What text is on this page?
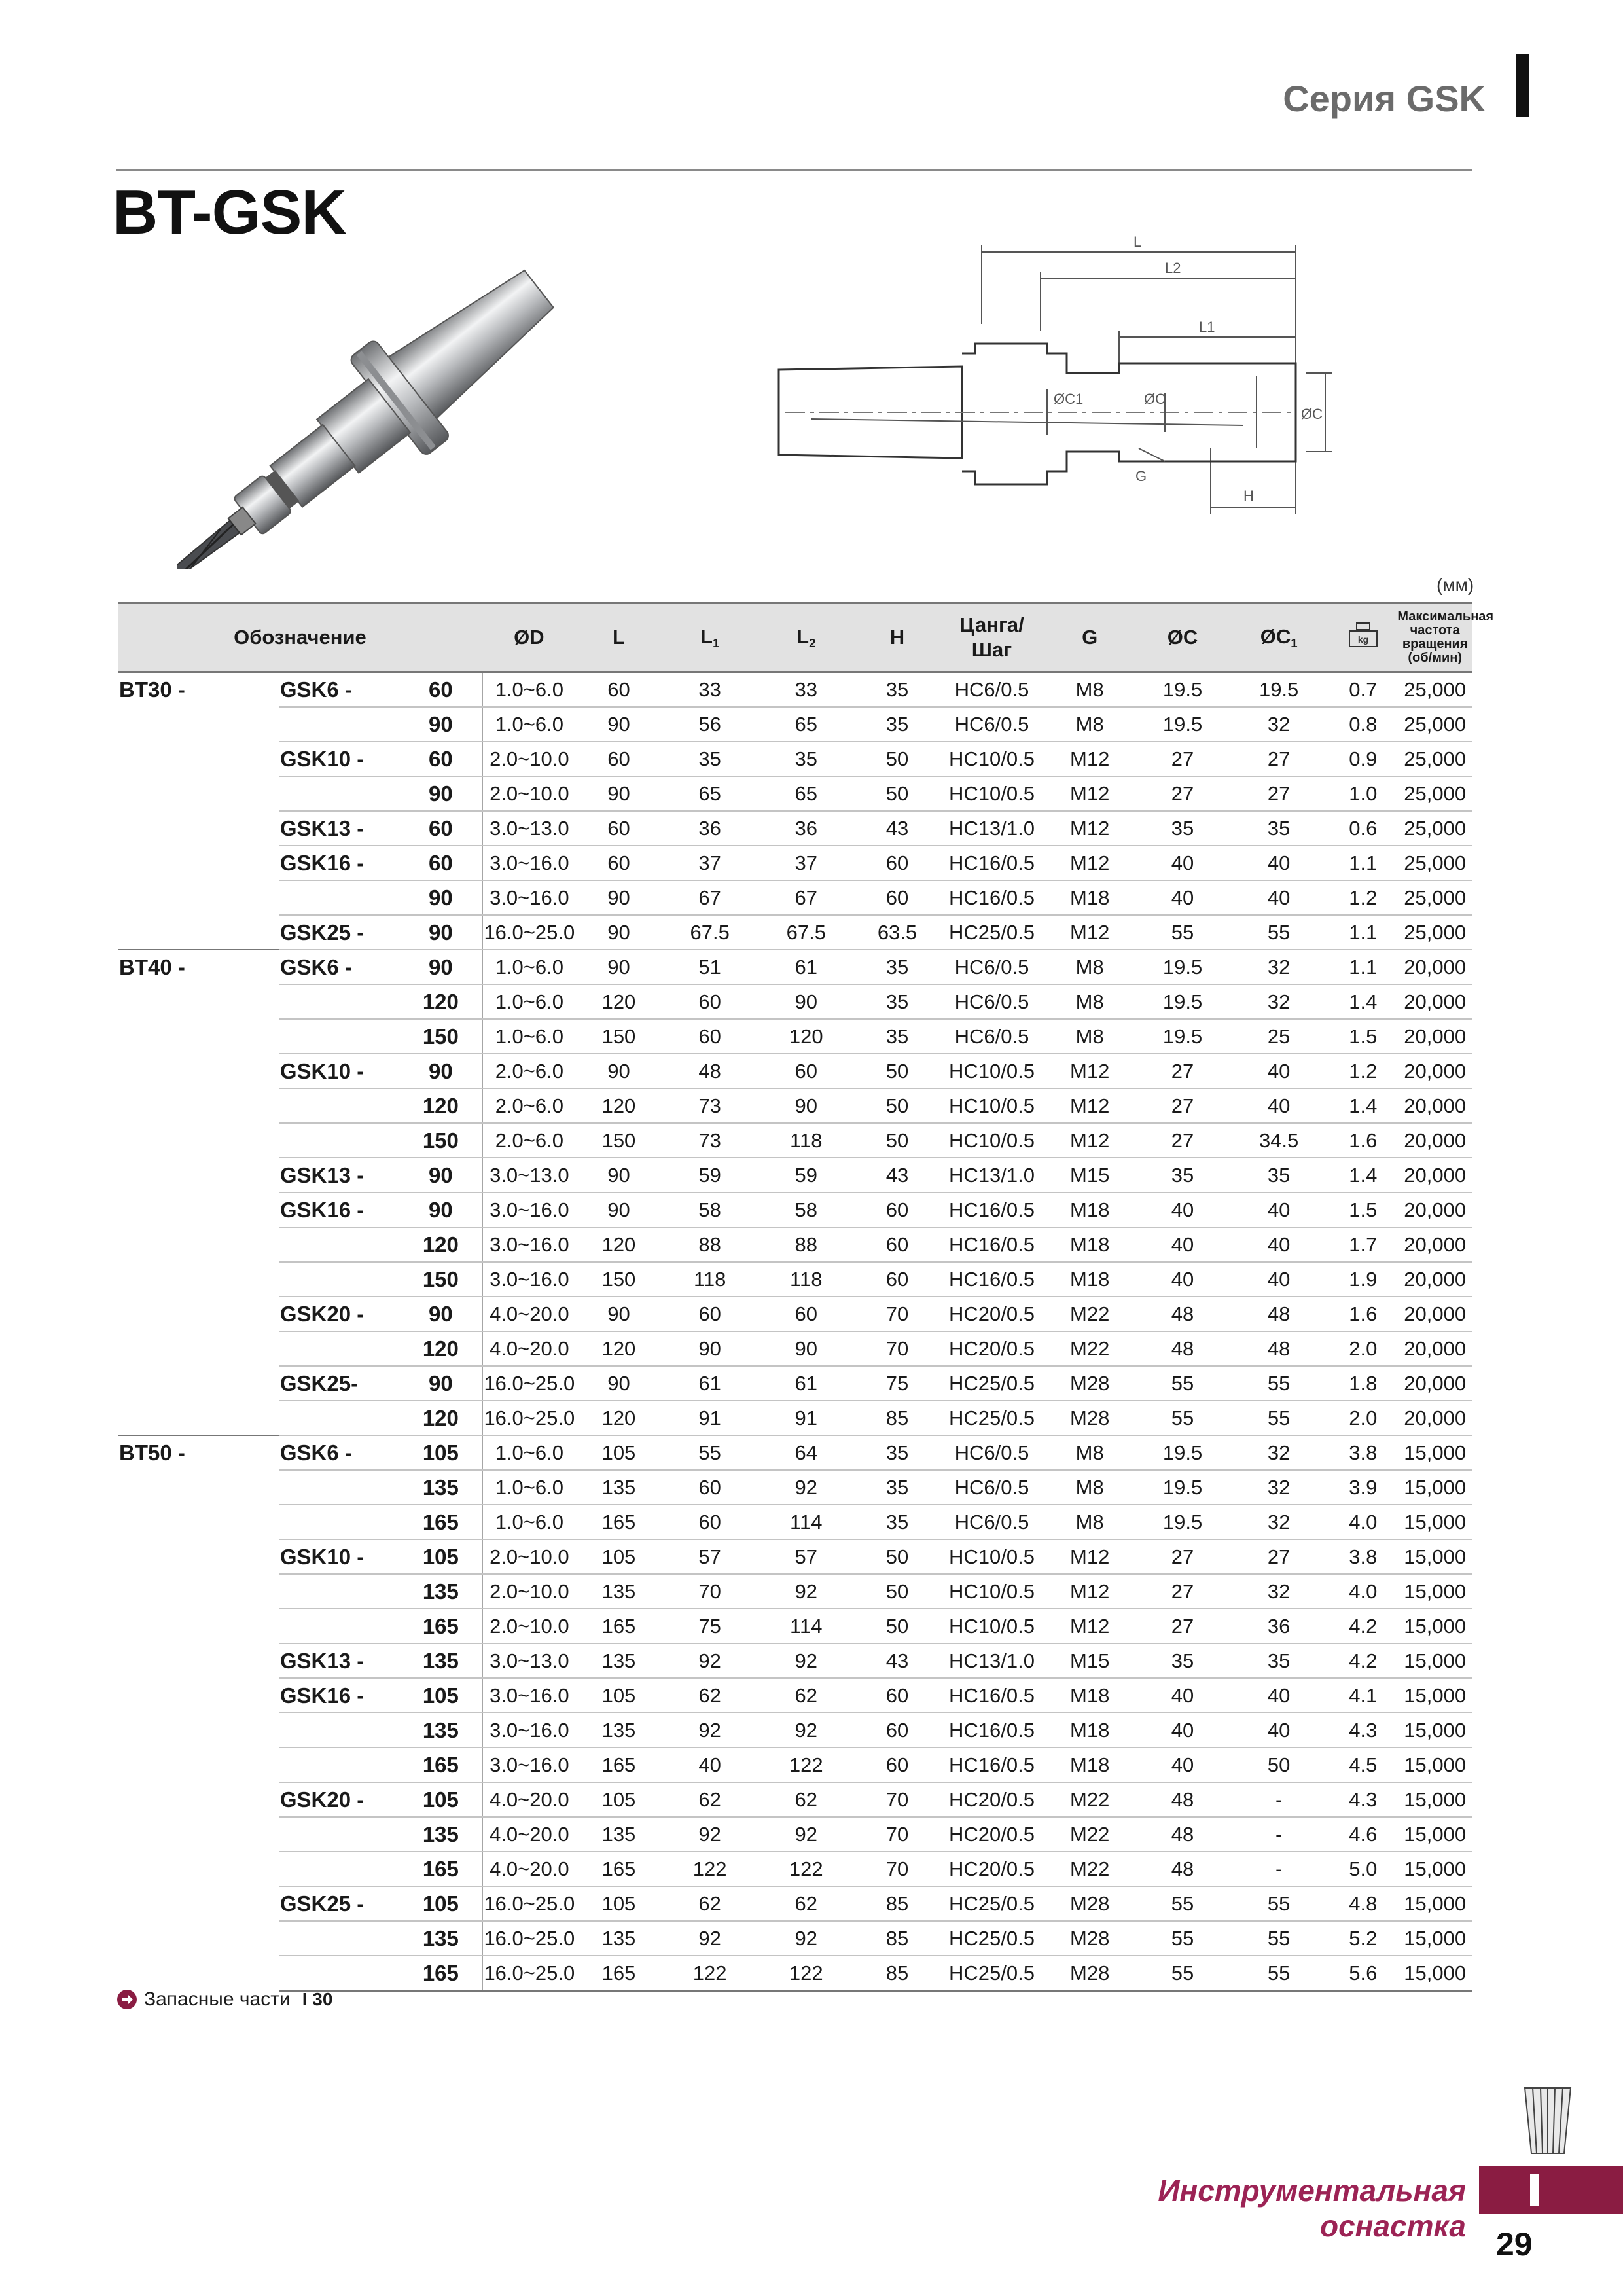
Серия GSK
BT-GSK	L
L2
L1
ØC1	ØC
ØC
G
H
(мм)
Обозначение			ØD	L	$L_1$	$L_2$	H	Цанга/
Шаг	G	ØC	$ØC_1$	kg	Максимальная
частота
вращения
(об/мин)
BT30 -	GSK6 -	60	1.0~6.0	60	33	33	35	HC6/0.5	M8	19.5	19.5	0.7	25,000
		90	1.0~6.0	90	56	65	35	HC6/0.5	M8	19.5	32	0.8	25,000
	GSK10 -	60	2.0~10.0	60	35	35	50	HC10/0.5	M12	27	27	0.9	25,000
		90	2.0~10.0	90	65	65	50	HC10/0.5	M12	27	27	1.0	25,000
	GSK13 -	60	3.0~13.0	60	36	36	43	HC13/1.0	M12	35	35	0.6	25,000
	GSK16 -	60	3.0~16.0	60	37	37	60	HC16/0.5	M12	40	40	1.1	25,000
		90	3.0~16.0	90	67	67	60	HC16/0.5	M18	40	40	1.2	25,000
	GSK25 -	90	16.0~25.0	90	67.5	67.5	63.5	HC25/0.5	M12	55	55	1.1	25,000
BT40 -	GSK6 -	90	1.0~6.0	90	51	61	35	HC6/0.5	M8	19.5	32	1.1	20,000
		120	1.0~6.0	120	60	90	35	HC6/0.5	M8	19.5	32	1.4	20,000
		150	1.0~6.0	150	60	120	35	HC6/0.5	M8	19.5	25	1.5	20,000
	GSK10 -	90	2.0~6.0	90	48	60	50	HC10/0.5	M12	27	40	1.2	20,000
		120	2.0~6.0	120	73	90	50	HC10/0.5	M12	27	40	1.4	20,000
		150	2.0~6.0	150	73	118	50	HC10/0.5	M12	27	34.5	1.6	20,000
	GSK13 -	90	3.0~13.0	90	59	59	43	HC13/1.0	M15	35	35	1.4	20,000
	GSK16 -	90	3.0~16.0	90	58	58	60	HC16/0.5	M18	40	40	1.5	20,000
		120	3.0~16.0	120	88	88	60	HC16/0.5	M18	40	40	1.7	20,000
		150	3.0~16.0	150	118	118	60	HC16/0.5	M18	40	40	1.9	20,000
	GSK20 -	90	4.0~20.0	90	60	60	70	HC20/0.5	M22	48	48	1.6	20,000
		120	4.0~20.0	120	90	90	70	HC20/0.5	M22	48	48	2.0	20,000
	GSK25-	90	16.0~25.0	90	61	61	75	HC25/0.5	M28	55	55	1.8	20,000
		120	16.0~25.0	120	91	91	85	HC25/0.5	M28	55	55	2.0	20,000
BT50 -	GSK6 -	105	1.0~6.0	105	55	64	35	HC6/0.5	M8	19.5	32	3.8	15,000
		135	1.0~6.0	135	60	92	35	HC6/0.5	M8	19.5	32	3.9	15,000
		165	1.0~6.0	165	60	114	35	HC6/0.5	M8	19.5	32	4.0	15,000
	GSK10 -	105	2.0~10.0	105	57	57	50	HC10/0.5	M12	27	27	3.8	15,000
		135	2.0~10.0	135	70	92	50	HC10/0.5	M12	27	32	4.0	15,000
		165	2.0~10.0	165	75	114	50	HC10/0.5	M12	27	36	4.2	15,000
	GSK13 -	135	3.0~13.0	135	92	92	43	HC13/1.0	M15	35	35	4.2	15,000
	GSK16 -	105	3.0~16.0	105	62	62	60	HC16/0.5	M18	40	40	4.1	15,000
		135	3.0~16.0	135	92	92	60	HC16/0.5	M18	40	40	4.3	15,000
		165	3.0~16.0	165	40	122	60	HC16/0.5	M18	40	50	4.5	15,000
	GSK20 -	105	4.0~20.0	105	62	62	70	HC20/0.5	M22	48	-	4.3	15,000
		135	4.0~20.0	135	92	92	70	HC20/0.5	M22	48	-	4.6	15,000
		165	4.0~20.0	165	122	122	70	HC20/0.5	M22	48	-	5.0	15,000
	GSK25 -	105	16.0~25.0	105	62	62	85	HC25/0.5	M28	55	55	4.8	15,000
		135	16.0~25.0	135	92	92	85	HC25/0.5	M28	55	55	5.2	15,000
		165	16.0~25.0	165	122	122	85	HC25/0.5	M28	55	55	5.6	15,000
Запасные части I 30
Инструментальная оснастка 29
